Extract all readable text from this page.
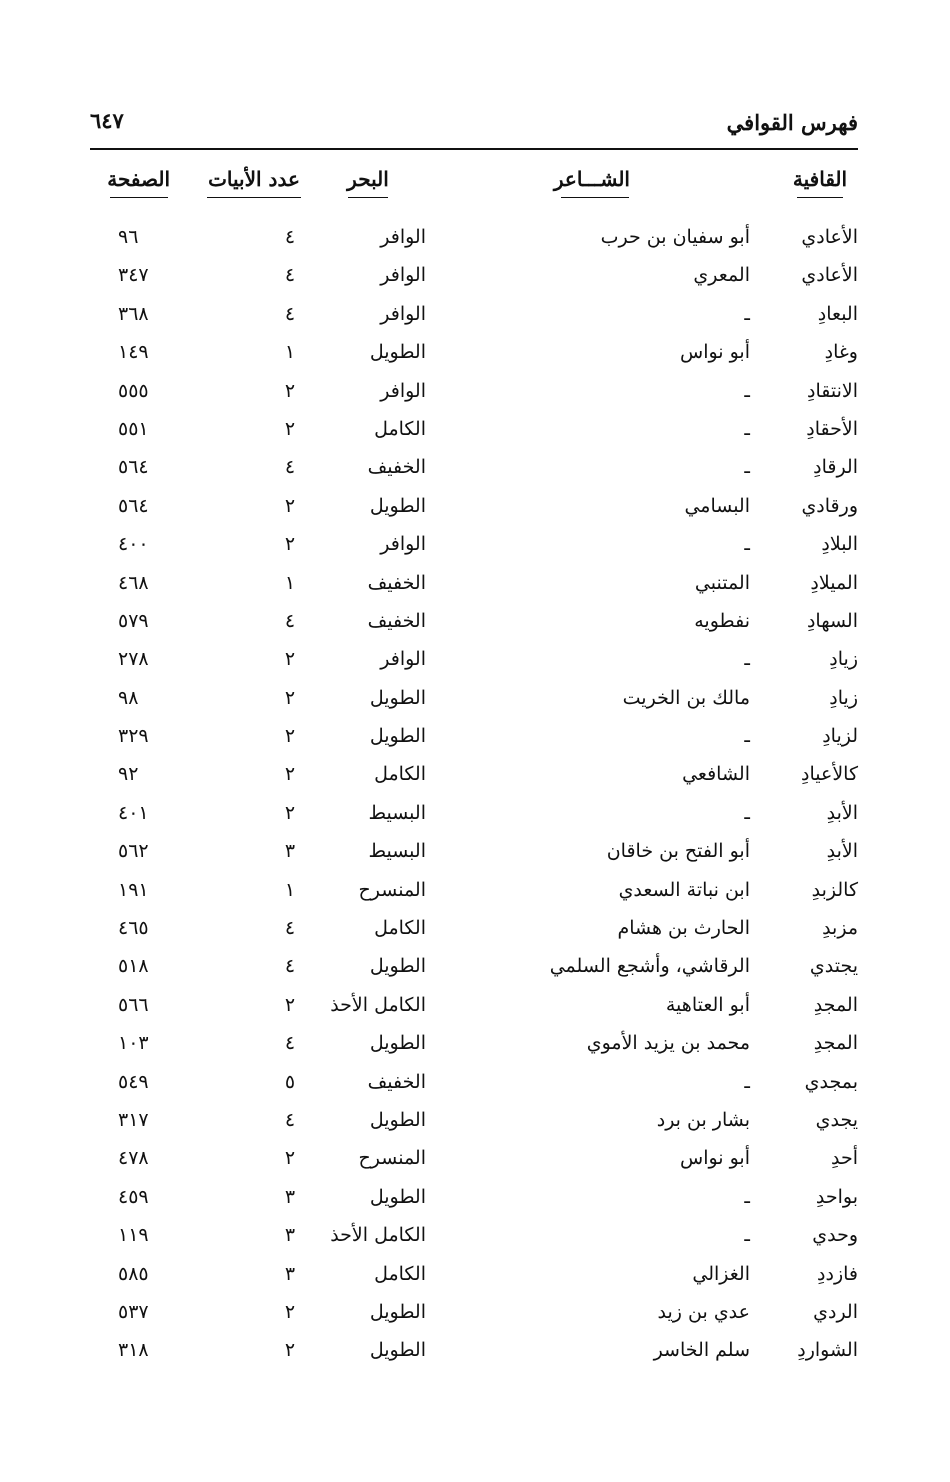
فهرس القوافي
٦٤٧
القافية
الشـــاعر
البحر
عدد الأبيات
الصفحة
الأعادي
أبو سفيان بن حرب
الوافر
٤
٩٦
الأعادي
المعري
الوافر
٤
٣٤٧
البعادِ
ـ
الوافر
٤
٣٦٨
وغادِ
أبو نواس
الطويل
١
١٤٩
الانتقادِ
ـ
الوافر
٢
٥٥٥
الأحقادِ
ـ
الكامل
٢
٥٥١
الرقادِ
ـ
الخفيف
٤
٥٦٤
ورقادي
البسامي
الطويل
٢
٥٦٤
البلادِ
ـ
الوافر
٢
٤٠٠
الميلادِ
المتنبي
الخفيف
١
٤٦٨
السهادِ
نفطويه
الخفيف
٤
٥٧٩
زيادِ
ـ
الوافر
٢
٢٧٨
زيادِ
مالك بن الخريت
الطويل
٢
٩٨
لزيادِ
ـ
الطويل
٢
٣٢٩
كالأعيادِ
الشافعي
الكامل
٢
٩٢
الأبدِ
ـ
البسيط
٢
٤٠١
الأبدِ
أبو الفتح بن خاقان
البسيط
٣
٥٦٢
كالزبدِ
ابن نباتة السعدي
المنسرح
١
١٩١
مزبدِ
الحارث بن هشام
الكامل
٤
٤٦٥
يجتدي
الرقاشي، وأشجع السلمي
الطويل
٤
٥١٨
المجدِ
أبو العتاهية
الكامل الأحذ
٢
٥٦٦
المجدِ
محمد بن يزيد الأموي
الطويل
٤
١٠٣
بمجدي
ـ
الخفيف
٥
٥٤٩
يجدي
بشار بن برد
الطويل
٤
٣١٧
أحدِ
أبو نواس
المنسرح
٢
٤٧٨
بواحدِ
ـ
الطويل
٣
٤٥٩
وحدي
ـ
الكامل الأحذ
٣
١١٩
فازددِ
الغزالي
الكامل
٣
٥٨٥
الردي
عدي بن زيد
الطويل
٢
٥٣٧
الشواردِ
سلم الخاسر
الطويل
٢
٣١٨
